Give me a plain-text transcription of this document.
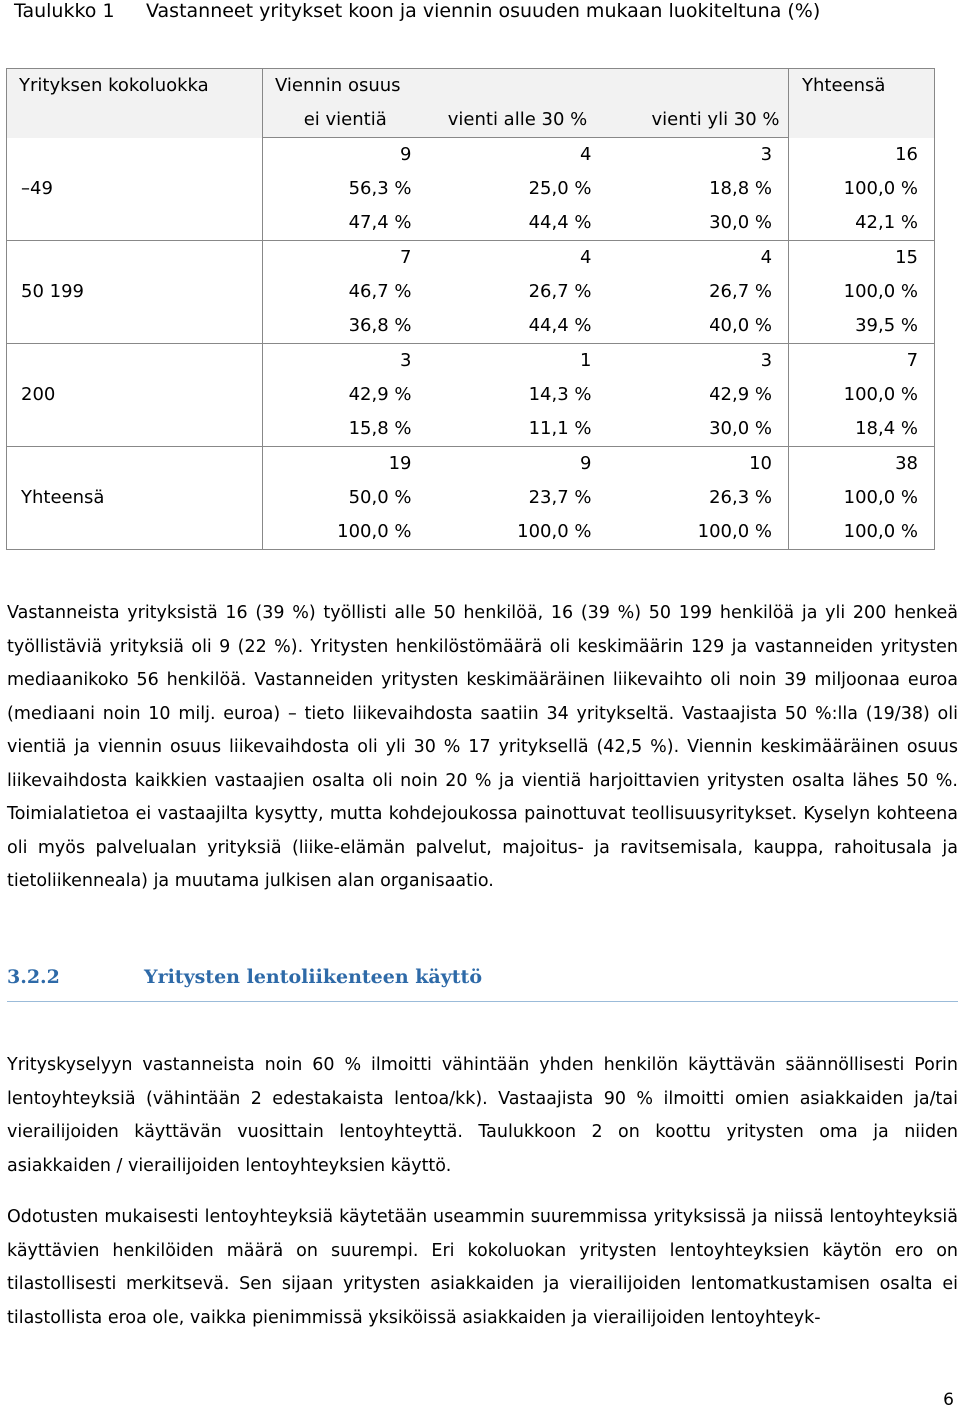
Taulukko 1 Vastanneet yritykset koon ja viennin osuuden mukaan luokiteltuna (%)
Yrityksen kokoluokka	Viennin osuus			Yhteensä
	ei vientiä	vienti alle 30 %	vienti yli 30 %	
–49	9	4	3	16
	56,3 %	25,0 %	18,8 %	100,0 %
	47,4 %	44,4 %	30,0 %	42,1 %
50 199	7	4	4	15
	46,7 %	26,7 %	26,7 %	100,0 %
	36,8 %	44,4 %	40,0 %	39,5 %
200	3	1	3	7
	42,9 %	14,3 %	42,9 %	100,0 %
	15,8 %	11,1 %	30,0 %	18,4 %
Yhteensä	19	9	10	38
	50,0 %	23,7 %	26,3 %	100,0 %
	100,0 %	100,0 %	100,0 %	100,0 %

Vastanneista yrityksistä 16 (39 %) työllisti alle 50 henkilöä, 16 (39 %) 50 199 henkilöä ja yli 200 henkeä työllistäviä yrityksiä oli 9 (22 %). Yritysten henkilöstömäärä oli keskimäärin 129 ja vastanneiden yritysten mediaanikoko 56 henkilöä. Vastanneiden yritysten keskimääräinen liikevaihto oli noin 39 miljoonaa euroa (mediaani noin 10 milj. euroa) – tieto liikevaihdosta saatiin 34 yritykseltä. Vastaajista 50 %:lla (19/38) oli vientiä ja viennin osuus liikevaihdosta oli yli 30 % 17 yrityksellä (42,5 %). Viennin keskimääräinen osuus liikevaihdosta kaikkien vastaajien osalta oli noin 20 % ja vientiä harjoittavien yritysten osalta lähes 50 %. Toimialatietoa ei vastaajilta kysytty, mutta kohdejoukossa painottuvat teollisuusyritykset. Kyselyn kohteena oli myös palvelualan yrityksiä (liike-elämän palvelut, majoitus- ja ravitsemisala, kauppa, rahoitusala ja tietoliikenneala) ja muutama julkisen alan organisaatio.

3.2.2	Yritysten lentoliikenteen käyttö

Yrityskyselyyn vastanneista noin 60 % ilmoitti vähintään yhden henkilön käyttävän säännöllisesti Porin lentoyhteyksiä (vähintään 2 edestakaista lentoa/kk). Vastaajista 90 % ilmoitti omien asiakkaiden ja/tai vierailijoiden käyttävän vuosittain lentoyhteyttä. Taulukkoon 2 on koottu yritysten oma ja niiden asiakkaiden / vierailijoiden lentoyhteyksien käyttö.

Odotusten mukaisesti lentoyhteyksiä käytetään useammin suuremmissa yrityksissä ja niissä lentoyhteyksiä käyttävien henkilöiden määrä on suurempi. Eri kokoluokan yritysten lentoyhteyksien käytön ero on tilastollisesti merkitsevä. Sen sijaan yritysten asiakkaiden ja vierailijoiden lentomatkustamisen osalta ei tilastollista eroa ole, vaikka pienimmissä yksiköissä asiakkaiden ja vierailijoiden lentoyhteyk-

6
